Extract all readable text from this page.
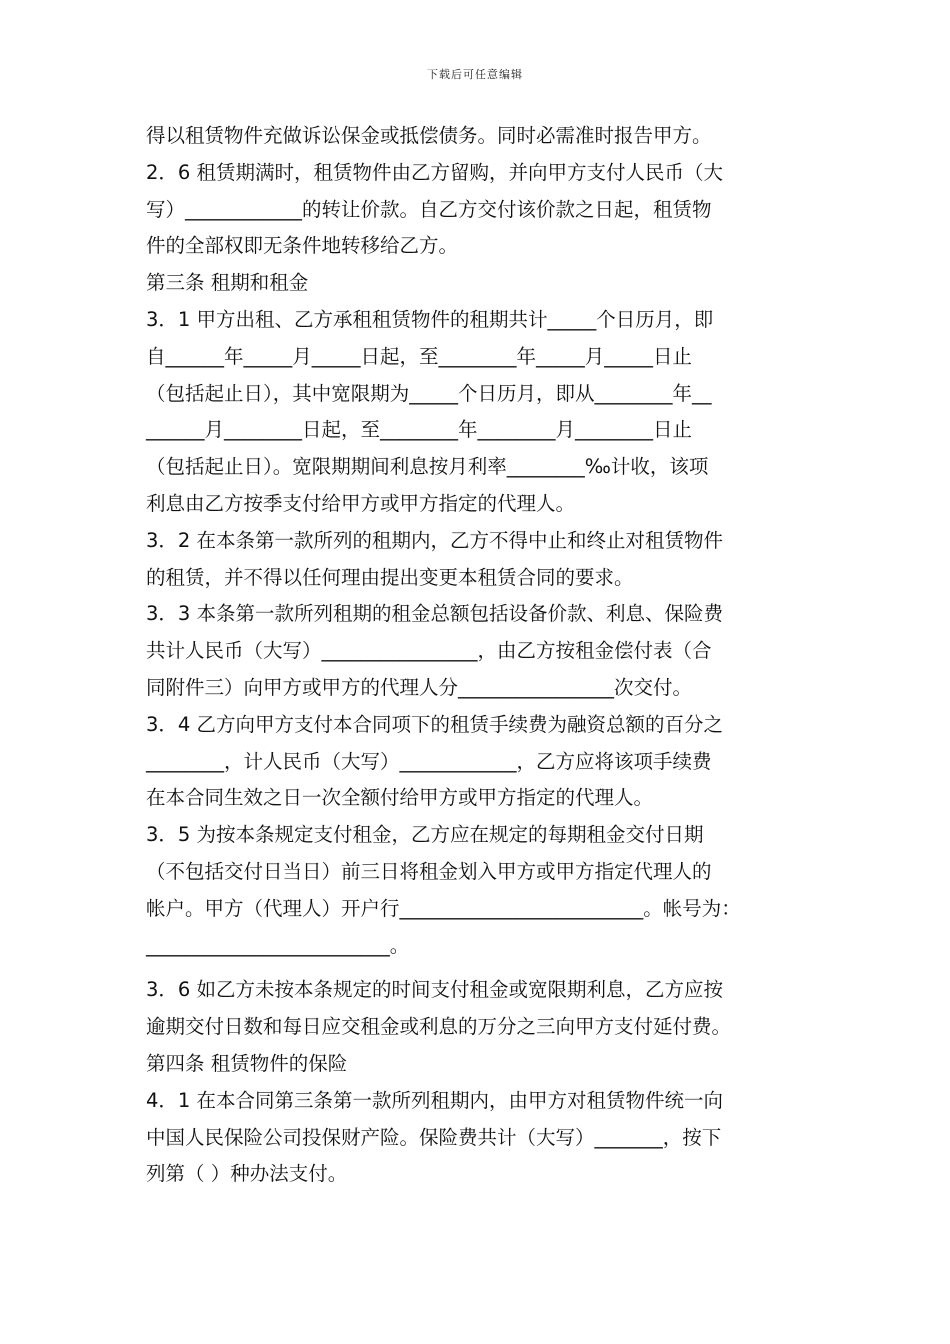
下载后可任意编辑
得以租赁物件充做诉讼保金或抵偿债务。同时必需准时报告甲方。
2．6 租赁期满时，租赁物件由乙方留购，并向甲方支付人民币（大
写）____________的转让价款。自乙方交付该价款之日起，租赁物
件的全部权即无条件地转移给乙方。
第三条 租期和租金
3．1 甲方出租、乙方承租租赁物件的租期共计_____个日历月，即
自______年_____月_____日起，至________年_____月_____日止
（包括起止日），其中宽限期为_____个日历月，即从________年__
______月________日起，至________年________月________日止
（包括起止日）。宽限期期间利息按月利率________‰计收，该项
利息由乙方按季支付给甲方或甲方指定的代理人。
3．2 在本条第一款所列的租期内，乙方不得中止和终止对租赁物件
的租赁，并不得以任何理由提出变更本租赁合同的要求。
3．3 本条第一款所列租期的租金总额包括设备价款、利息、保险费
共计人民币（大写）________________，由乙方按租金偿付表（合
同附件三）向甲方或甲方的代理人分________________次交付。
3．4 乙方向甲方支付本合同项下的租赁手续费为融资总额的百分之
________，计人民币（大写）____________，乙方应将该项手续费
在本合同生效之日一次全额付给甲方或甲方指定的代理人。
3．5 为按本条规定支付租金，乙方应在规定的每期租金交付日期
（不包括交付日当日）前三日将租金划入甲方或甲方指定代理人的
帐户。甲方（代理人）开户行_________________________。帐号为：
_________________________。
3．6 如乙方未按本条规定的时间支付租金或宽限期利息，乙方应按
逾期交付日数和每日应交租金或利息的万分之三向甲方支付延付费。
第四条 租赁物件的保险
4．1 在本合同第三条第一款所列租期内，由甲方对租赁物件统一向
中国人民保险公司投保财产险。保险费共计（大写）_______，按下
列第（ ）种办法支付。
